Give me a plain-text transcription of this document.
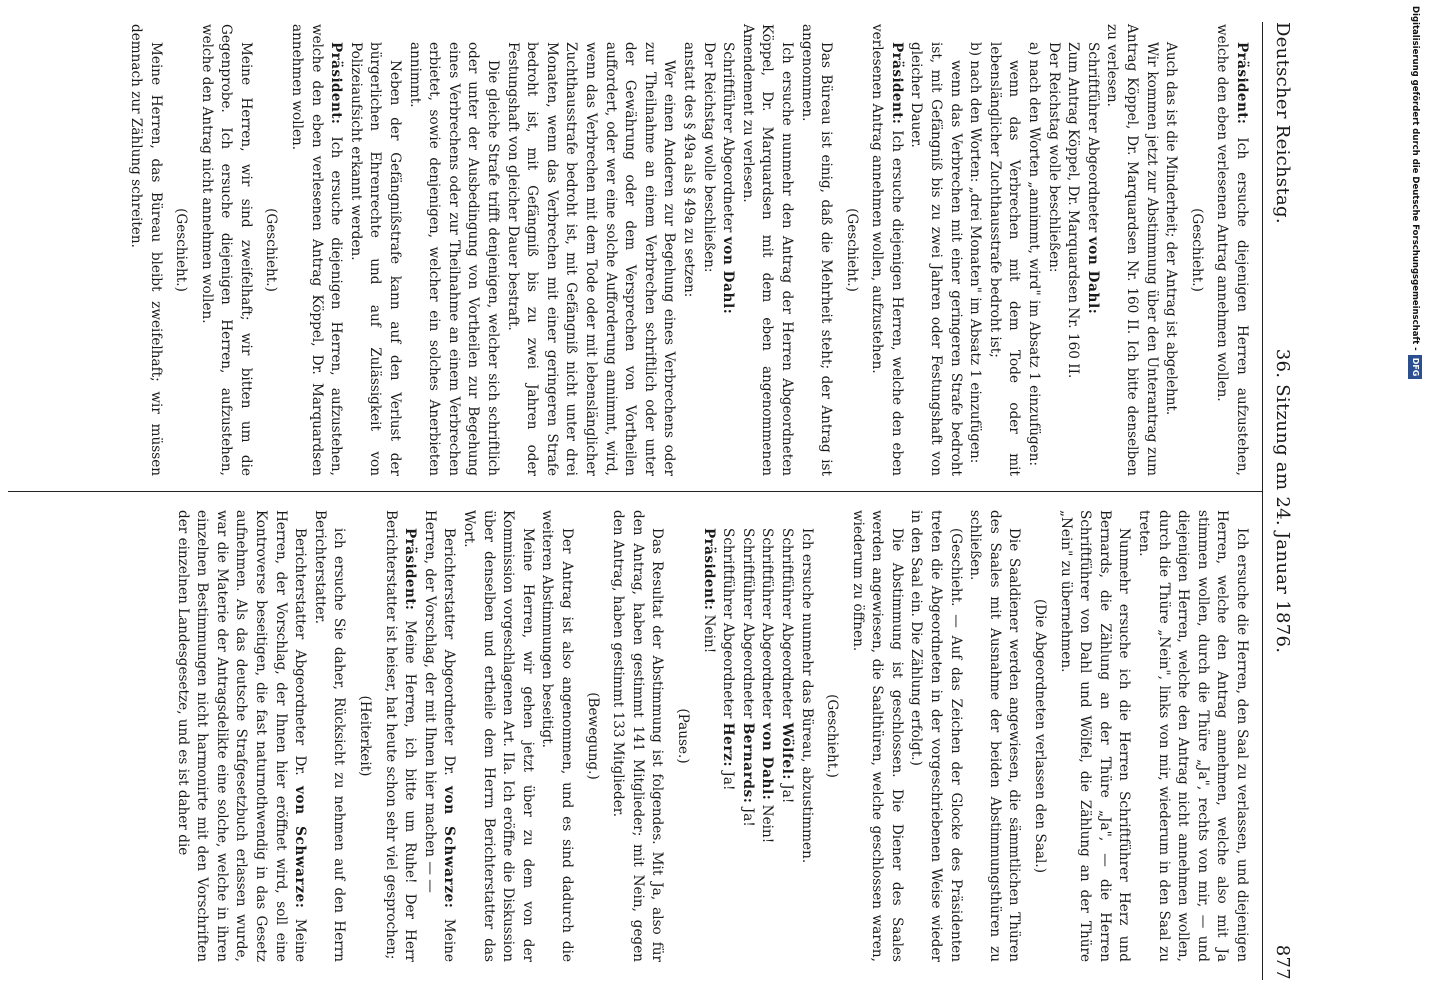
Deutscher Reichstag.
36. Sitzung am 24. Januar 1876.
877

Präsident: Ich ersuche diejenigen Herren aufzustehen, welche den eben verlesenen Antrag annehmen wollen.

(Geschieht.)

Auch das ist die Minderheit; der Antrag ist abgelehnt.

Wir kommen jetzt zur Abstimmung über den Unterantrag zum Antrag Köppel, Dr. Marquardsen Nr. 160 II. Ich bitte denselben zu verlesen.

Schriftführer Abgeordneter von Dahl:

Zum Antrag Köppel, Dr. Marquardsen Nr. 160 II.

Der Reichstag wolle beschließen:

a) nach den Worten „annimmt, wird" im Absatz 1 einzufügen:

wenn das Verbrechen mit dem Tode oder mit lebenslänglicher Zuchthausstrafe bedroht ist;

b) nach den Worten: „drei Monaten" im Absatz 1 einzufügen:

wenn das Verbrechen mit einer geringeren Strafe bedroht ist, mit Gefängniß bis zu zwei Jahren oder Festungshaft von gleicher Dauer.

Präsident: Ich ersuche diejenigen Herren, welche den eben verlesenen Antrag annehmen wollen, aufzustehen.

(Geschieht.)

Das Büreau ist einig, daß die Mehrheit steht; der Antrag ist angenommen.

Ich ersuche nunmehr den Antrag der Herren Abgeordneten Köppel, Dr. Marquardsen mit dem eben angenommenen Amendement zu verlesen.

Schriftführer Abgeordneter von Dahl:

Der Reichstag wolle beschließen:

anstatt des § 49a als § 49a zu setzen:

Wer einen Anderen zur Begehung eines Verbrechens oder zur Theilnahme an einem Verbrechen schriftlich oder unter der Gewährung oder dem Versprechen von Vortheilen auffordert, oder wer eine solche Aufforderung annimmt, wird, wenn das Verbrechen mit dem Tode oder mit lebenslänglicher Zuchthausstrafe bedroht ist, mit Gefängniß nicht unter drei Monaten, wenn das Verbrechen mit einer geringeren Strafe bedroht ist, mit Gefängniß bis zu zwei Jahren oder Festungshaft von gleicher Dauer bestraft.

Die gleiche Strafe trifft denjenigen, welcher sich schriftlich oder unter der Ausbedingung von Vortheilen zur Begehung eines Verbrechens oder zur Theilnahme an einem Verbrechen erbietet, sowie denjenigen, welcher ein solches Anerbieten annimmt.

Neben der Gefängnißstrafe kann auf den Verlust der bürgerlichen Ehrenrechte und auf Zulässigkeit von Polizeiaufsicht erkannt werden.

Präsident: Ich ersuche diejenigen Herren, aufzustehen, welche den eben verlesenen Antrag Köppel, Dr. Marquardsen annehmen wollen.

(Geschieht.)

Meine Herren, wir sind zweifelhaft; wir bitten um die Gegenprobe. Ich ersuche diejenigen Herren, aufzustehen, welche den Antrag nicht annehmen wollen.

(Geschieht.)

Meine Herren, das Büreau bleibt zweifelhaft; wir müssen demnach zur Zählung schreiten.

Ich ersuche die Herren, den Saal zu verlassen, und diejenigen Herren, welche den Antrag annehmen, welche also mit Ja stimmen wollen, durch die Thüre „Ja", rechts von mir, — und diejenigen Herren, welche den Antrag nicht annehmen wollen, durch die Thüre „Nein", links von mir, wiederum in den Saal zu treten.

Nunmehr ersuche ich die Herren Schriftführer Herz und Bernards, die Zählung an der Thüre „Ja", — die Herren Schriftführer von Dahl und Wölfel, die Zählung an der Thüre „Nein" zu übernehmen.

(Die Abgeordneten verlassen den Saal.)

Die Saaldiener werden angewiesen, die sämmtlichen Thüren des Saales mit Ausnahme der beiden Abstimmungsthüren zu schließen.

(Geschieht. — Auf das Zeichen der Glocke des Präsidenten treten die Abgeordneten in der vorgeschriebenen Weise wieder in den Saal ein. Die Zählung erfolgt.)

Die Abstimmung ist geschlossen. Die Diener des Saales werden angewiesen, die Saalthüren, welche geschlossen waren, wiederum zu öffnen.

(Geschieht.)

Ich ersuche nunmehr das Büreau, abzustimmen.

Schriftführer Abgeordneter Wölfel: Ja!

Schriftführer Abgeordneter von Dahl: Nein!

Schriftführer Abgeordneter Bernards: Ja!

Schriftführer Abgeordneter Herz: Ja!

Präsident: Nein!

(Pause.)

Das Resultat der Abstimmung ist folgendes. Mit Ja, also für den Antrag, haben gestimmt 141 Mitglieder; mit Nein, gegen den Antrag, haben gestimmt 133 Mitglieder.

(Bewegung.)

Der Antrag ist also angenommen, und es sind dadurch die weiteren Abstimmungen beseitigt.

Meine Herren, wir gehen jetzt über zu dem von der Kommission vorgeschlagenen Art. IIa. Ich eröffne die Diskussion über denselben und ertheile dem Herrn Berichterstatter das Wort.

Berichterstatter Abgeordneter Dr. von Schwarze: Meine Herren, der Vorschlag, der mit Ihnen hier machen — —

Präsident: Meine Herren, ich bitte um Ruhe! Der Herr Berichterstatter ist heiser, hat heute schon sehr viel gesprochen;

(Heiterkeit)

ich ersuche Sie daher, Rücksicht zu nehmen auf den Herrn Berichterstatter.

Berichterstatter Abgeordneter Dr. von Schwarze: Meine Herren, der Vorschlag, der Ihnen hier eröffnet wird, soll eine Kontroverse beseitigen, die fast naturnothwendig in das Gesetz aufnehmen. Als das deutsche Strafgesetzbuch erlassen wurde, war die Materie der Antragsdelikte eine solche, welche in ihren einzelnen Bestimmungen nicht harmonirte mit den Vorschriften der einzelnen Landesgesetze, und es ist daher die

Digitalisierung gefördert durch die Deutsche Forschungsgemeinschaft -DFG
